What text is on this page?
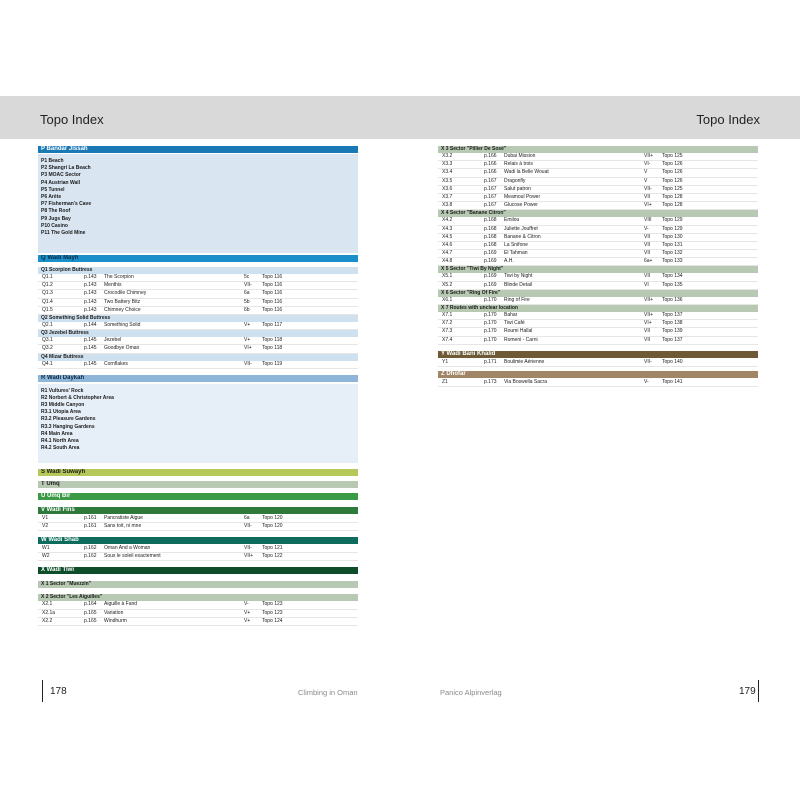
Topo Index	Topo Index
P Bandar Jissah
P1 Beach
P2 Shangri La Beach
P3 MOAC Sector
P4 Austrian Wall
P5 Tunnel
P6 Arête
P7 Fisherman's Cave
P8 The Roof
P9 Jugs Bay
P10 Casino
P11 The Gold Mine
Q Wadi Mayh
Q1 Scorpion Buttress
Q1.1	p.143 The Scorpion	5c	Topo 116
Q1.2	p.143 Menthis	VII- Topo 116
Q1.3	p.143 Crocodile Chimney	6a Topo 116
Q1.4	p.143 Two Battery Bitz	5b Topo 116
Q1.5	p.143 Chimney Choice	6b Topo 116
Q2 Something Solid Buttress
Q2.1	p.144 Something Solid	V+ Topo 117
Q3 Jezebel Buttress
Q3.1	p.145 Jezebel	V+ Topo 118
Q3.2	p.145 Goodbye Oman	VI+ Topo 118
Q4 Mizar Buttress
Q4.1	p.145 Cornflakes	VII- Topo 119
R Wadi Daykah
R1 Vultures' Rock
R2 Norbert & Christopher Area
R3 Middle Canyon
R3.1 Utopia Area
R3.2 Pleasure Gardens
R3.3 Hanging Gardens
R4 Main Area
R4.1 North Area
R4.2 South Area
S Wadi Suwayh
T Umq
U Umq Bir
V Wadi Fins
V1	p.161 Pancratiste Aigue	6a Topo 120
V2	p.161 Sans toit, ni mne	VII- Topo 120
W Wadi Shab
W1	p.162 Oman And a Woman	VII- Topo 121
W2	p.162 Sous le soleil exactement	VII+ Topo 122
X Wadi Tiwi
X 1 Sector "Muezzin"
X 2 Sector "Les Aiguilles"
X2.1	p.164 Aiguille à Fand	V-	Topo 123
X2.1a	p.165 Variation	V+ Topo 123
X2.2	p.165 Windhurm	V+ Topo 124
X 3 Sector "Pillier De Sosé"
X3.2	p.166 Dubai Mission	VII+ Topo 125
X3.3	p.166 Relais à trois	VI- Topo 126
X3.4	p.166 Wadi la Belle Wouat	V	Topo 126
X3.5	p.167 Dragonfly	V	Topo 126
X3.6	p.167 Salut patron	VII- Topo 125
X3.7	p.167 Meamoul Power	VII Topo 128
X3.8	p.167 Glucose Power	VI+ Topo 128
X 4 Sector "Banane Citron"
X4.2	p.168 Emilou	VIII Topo 129
X4.3	p.168 Juliette Jouffret	V-	Topo 129
X4.5	p.168 Banane & Citron	VII Topo 130
X4.6	p.168 La Snifone	VII Topo 131
X4.7	p.169 El Tahman	VII Topo 132
X4.8	p.169 A.H.	6a+ Topo 133
X 5 Sector "Tiwi By Night"
X5.1	p.169 Tiwi by Night	VII Topo 134
X5.2	p.169 Blinde Detail	VI	Topo 135
X 6 Sector "Ring Of Fire"
X6.1	p.170 Ring of Fire	VII+ Topo 136
X 7 Routes with unclear location
X7.1	p.170 Bahar	VII+ Topo 137
X7.2	p.170 Tiwi Café	VI+ Topo 138
X7.3	p.170 Roumi Hallal	VII Topo 139
X7.4	p.170 Romeni - Carni	VII Topo 137
Y Wadi Bani Khalid
Y1	p.171 Boulimie Aérienne	VII- Topo 140
Z Dhofar
Z1	p.173 Via Boswella Sacra	V-	Topo 141
178	Climbing in Oman	Panico Alpinverlag	179
